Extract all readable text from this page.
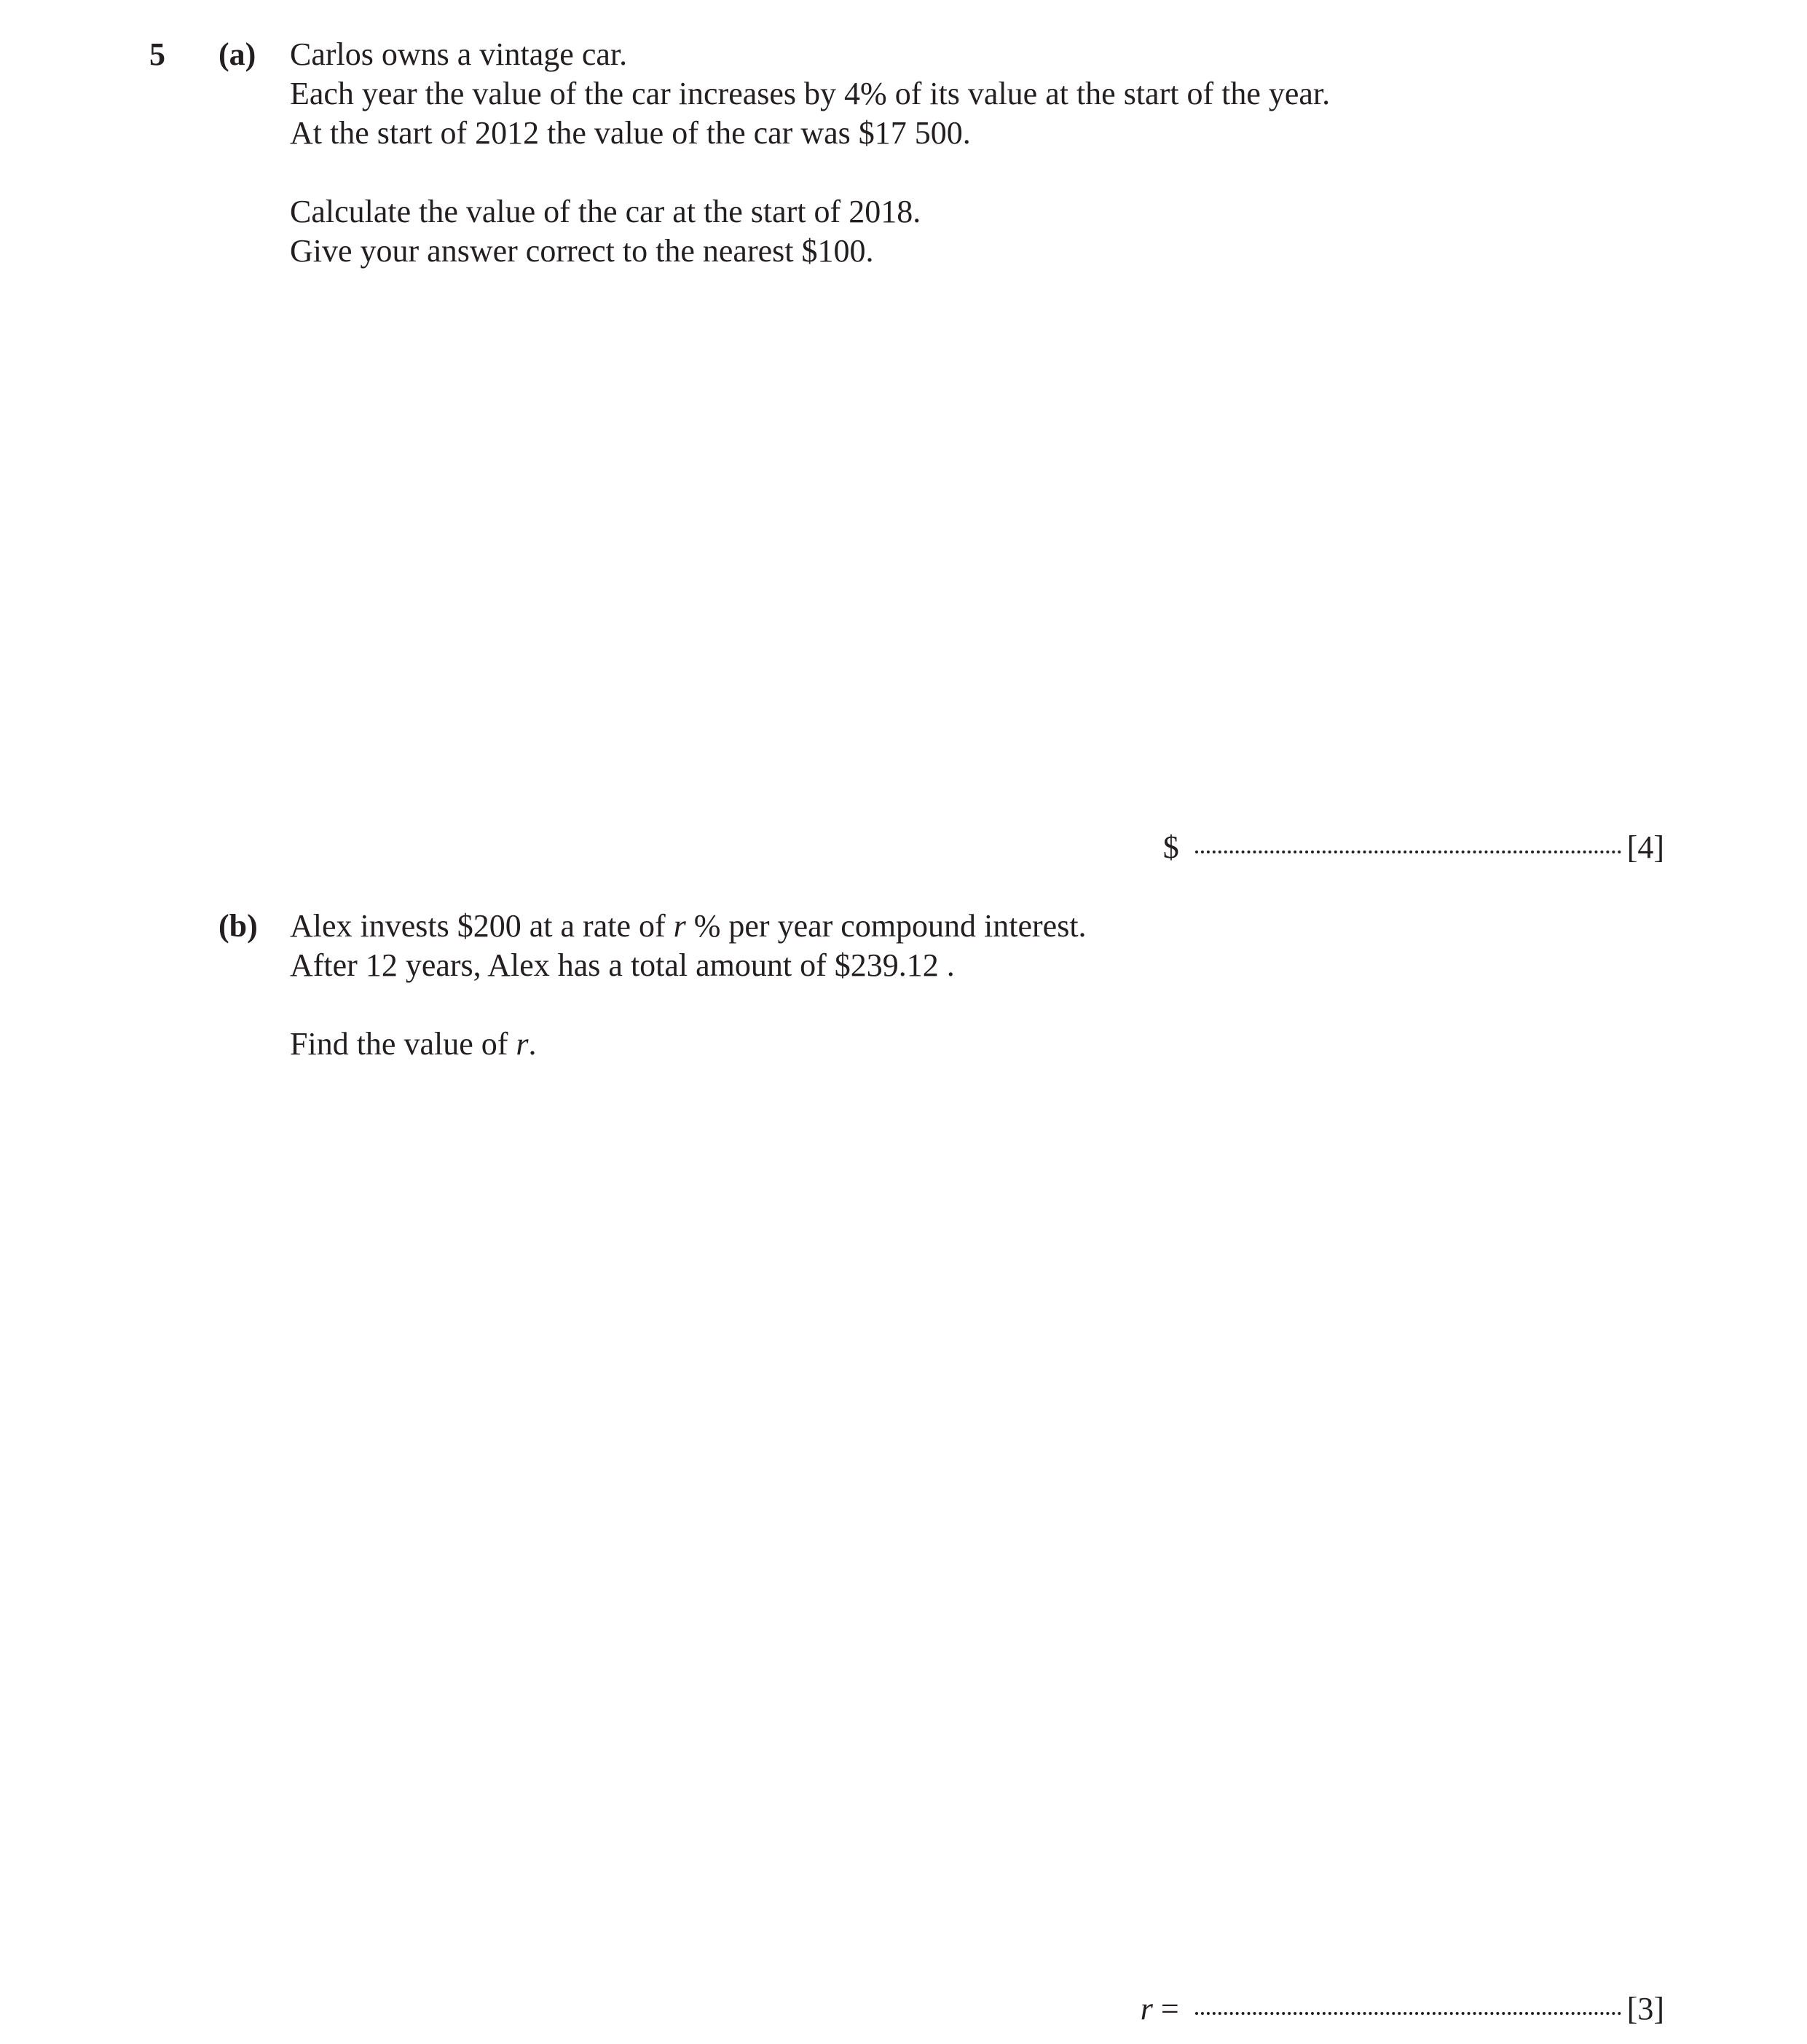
5 (a) Carlos owns a vintage car.
Each year the value of the car increases by 4% of its value at the start of the year.
At the start of 2012 the value of the car was $17 500.
Calculate the value of the car at the start of 2018.
Give your answer correct to the nearest $100.
$	[4]
(b) Alex invests $200 at a rate of r % per year compound interest.
After 12 years, Alex has a total amount of $239.12 .
Find the value of r.
r =	[3]
